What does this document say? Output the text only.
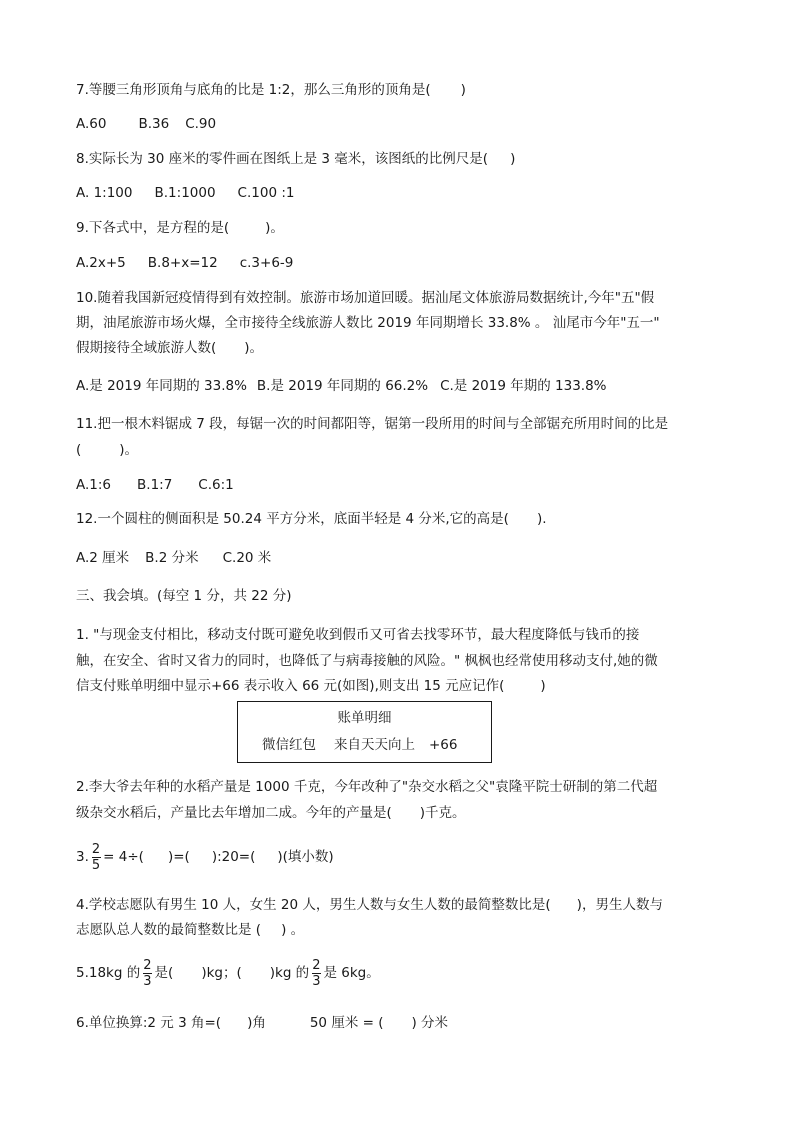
7.等腰三角形顶角与底角的比是 1:2，那么三角形的顶角是( )
A.60 B.36 C.90
8.实际长为 30 座米的零件画在图纸上是 3 毫米，该图纸的比例尺是( )
A. 1:100 B.1:1000 C.100 :1
9.下各式中，是方程的是(	)。
A.2x+5 B.8+x=12 c.3+6-9
10.随着我国新冠疫情得到有效控制。旅游市场加道回暖。据汕尾文体旅游局数据统计,今年"五"假
期，油尾旅游市场火爆，全市接待全线旅游人数比 2019 年同期增长 33.8% 。 汕尾市今年"五一"
假期接待全域旅游人数( )。
A.是 2019 年同期的 33.8% B.是 2019 年同期的 66.2% C.是 2019 年期的 133.8%
11.把一根木料锯成 7 段，每锯一次的时间都阳等，锯第一段所用的时间与全部锯充所用时间的比是
(	)。
A.1:6 B.1:7 C.6:1
12.一个圆柱的侧面积是 50.24 平方分米，底面半轻是 4 分米,它的高是( ).
A.2 厘米 B.2 分米 C.20 米
三、我会填。(每空 1 分，共 22 分)
1. "与现金支付相比，移动支付既可避免收到假币又可省去找零环节，最大程度降低与钱币的接
触，在安全、省时又省力的同时，也降低了与病毒接触的风险。" 枫枫也经常使用移动支付,她的微
信支付账单明细中显示+66 表示收入 66 元(如图),则支出 15 元应记作(	)
账单明细
微信红包 来自天天向上 +66
2.李大爷去年种的水稻产量是 1000 千克，今年改种了"杂交水稻之父"袁隆平院士研制的第二代超
级杂交水稻后，产量比去年增加二成。今年的产量是( )千克。
3. $\frac{2}{5} = 4\div$( )=( ):20=( )(填小数)
4.学校志愿队有男生 10 人，女生 20 人，男生人数与女生人数的最简整数比是( )，男生人数与
志愿队总人数的最简整数比是 ( ) 。
5.18kg 的 $\frac{2}{3}$ 是( )kg；( )kg 的 $\frac{2}{3}$ 是 6kg。
6.单位换算:2 元 3 角=( )角	50 厘米 = ( ) 分米
